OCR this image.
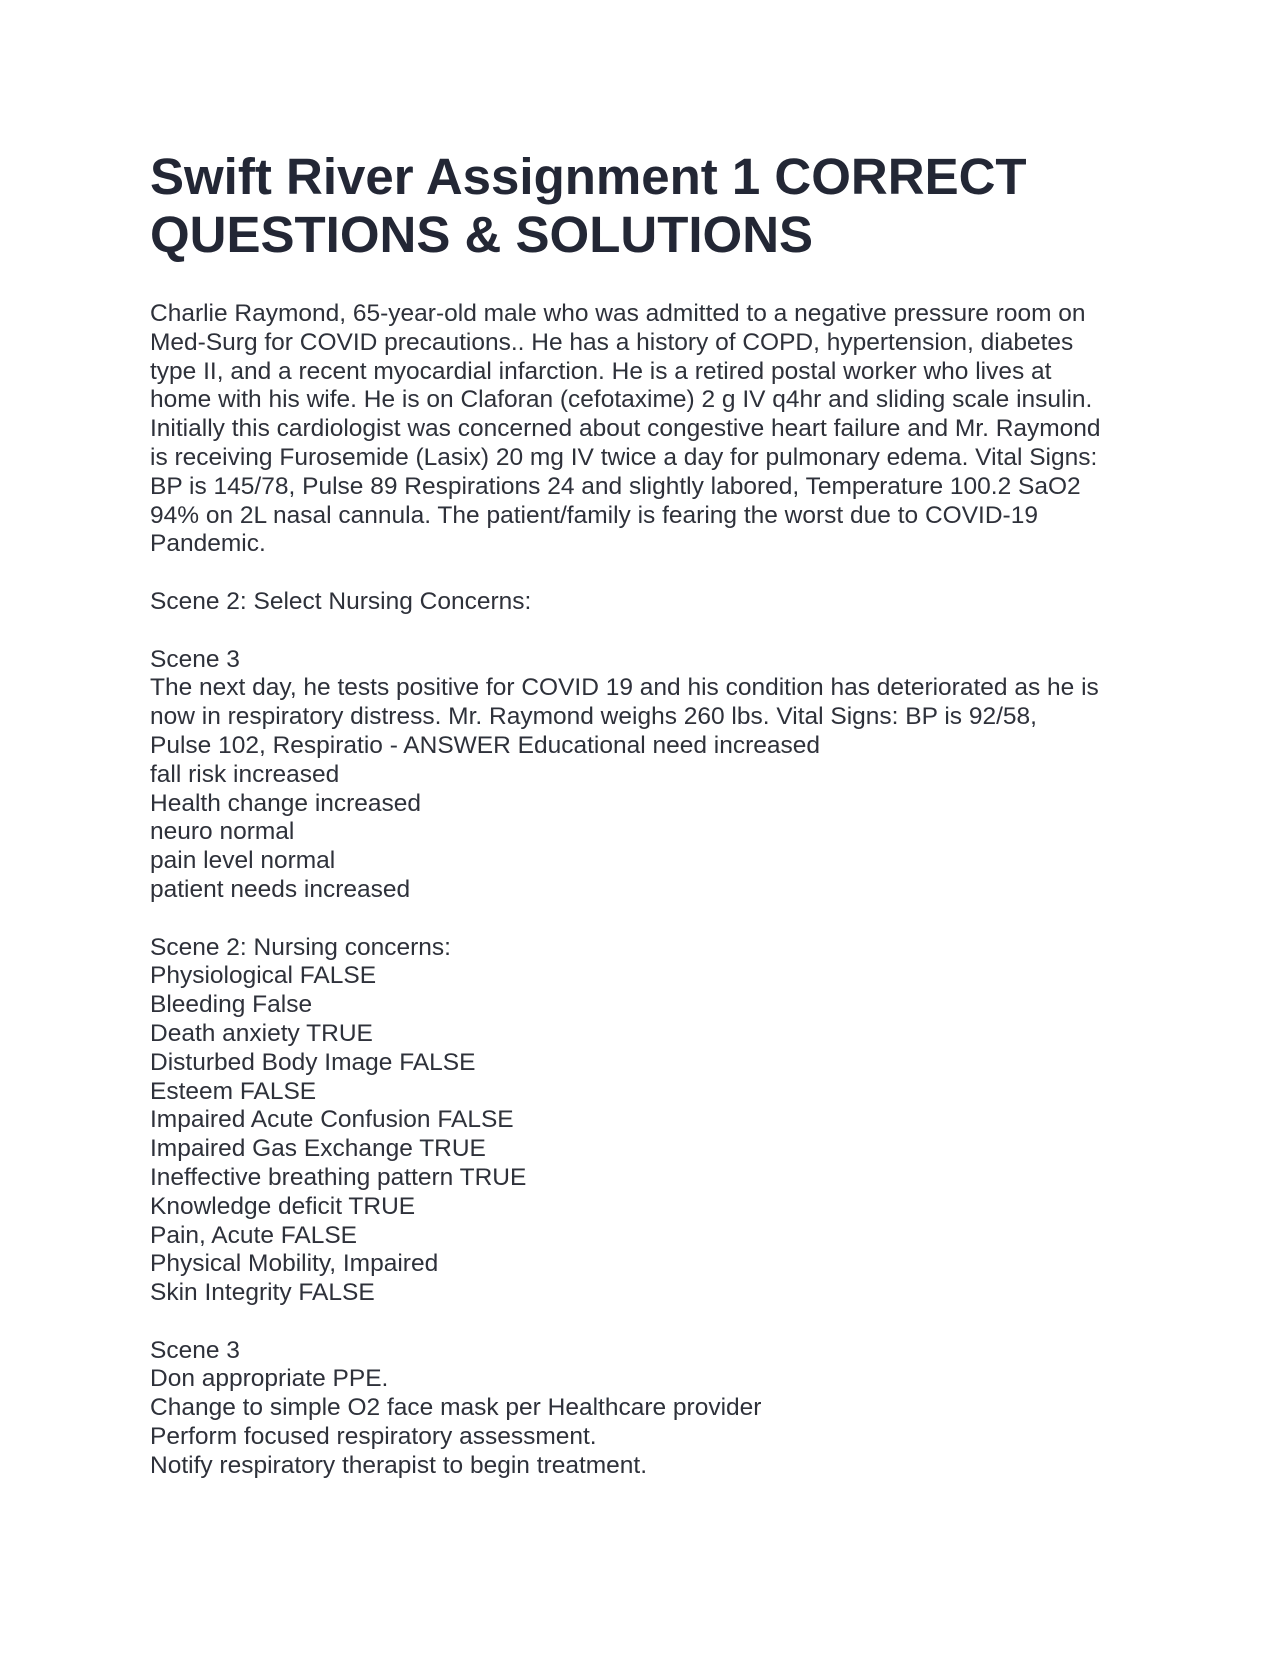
Swift River Assignment 1 CORRECT
QUESTIONS & SOLUTIONS
Charlie Raymond, 65-year-old male who was admitted to a negative pressure room on
Med-Surg for COVID precautions.. He has a history of COPD, hypertension, diabetes
type II, and a recent myocardial infarction. He is a retired postal worker who lives at
home with his wife. He is on Claforan (cefotaxime) 2 g IV q4hr and sliding scale insulin.
Initially this cardiologist was concerned about congestive heart failure and Mr. Raymond
is receiving Furosemide (Lasix) 20 mg IV twice a day for pulmonary edema. Vital Signs:
BP is 145/78, Pulse 89 Respirations 24 and slightly labored, Temperature 100.2 SaO2
94% on 2L nasal cannula. The patient/family is fearing the worst due to COVID-19
Pandemic.
Scene 2: Select Nursing Concerns:
Scene 3
The next day, he tests positive for COVID 19 and his condition has deteriorated as he is
now in respiratory distress. Mr. Raymond weighs 260 lbs. Vital Signs: BP is 92/58,
Pulse 102, Respiratio - ANSWER Educational need increased
fall risk increased
Health change increased
neuro normal
pain level normal
patient needs increased
Scene 2: Nursing concerns:
Physiological FALSE
Bleeding False
Death anxiety TRUE
Disturbed Body Image FALSE
Esteem FALSE
Impaired Acute Confusion FALSE
Impaired Gas Exchange TRUE
Ineffective breathing pattern TRUE
Knowledge deficit TRUE
Pain, Acute FALSE
Physical Mobility, Impaired
Skin Integrity FALSE
Scene 3
Don appropriate PPE.
Change to simple O2 face mask per Healthcare provider
Perform focused respiratory assessment.
Notify respiratory therapist to begin treatment.
